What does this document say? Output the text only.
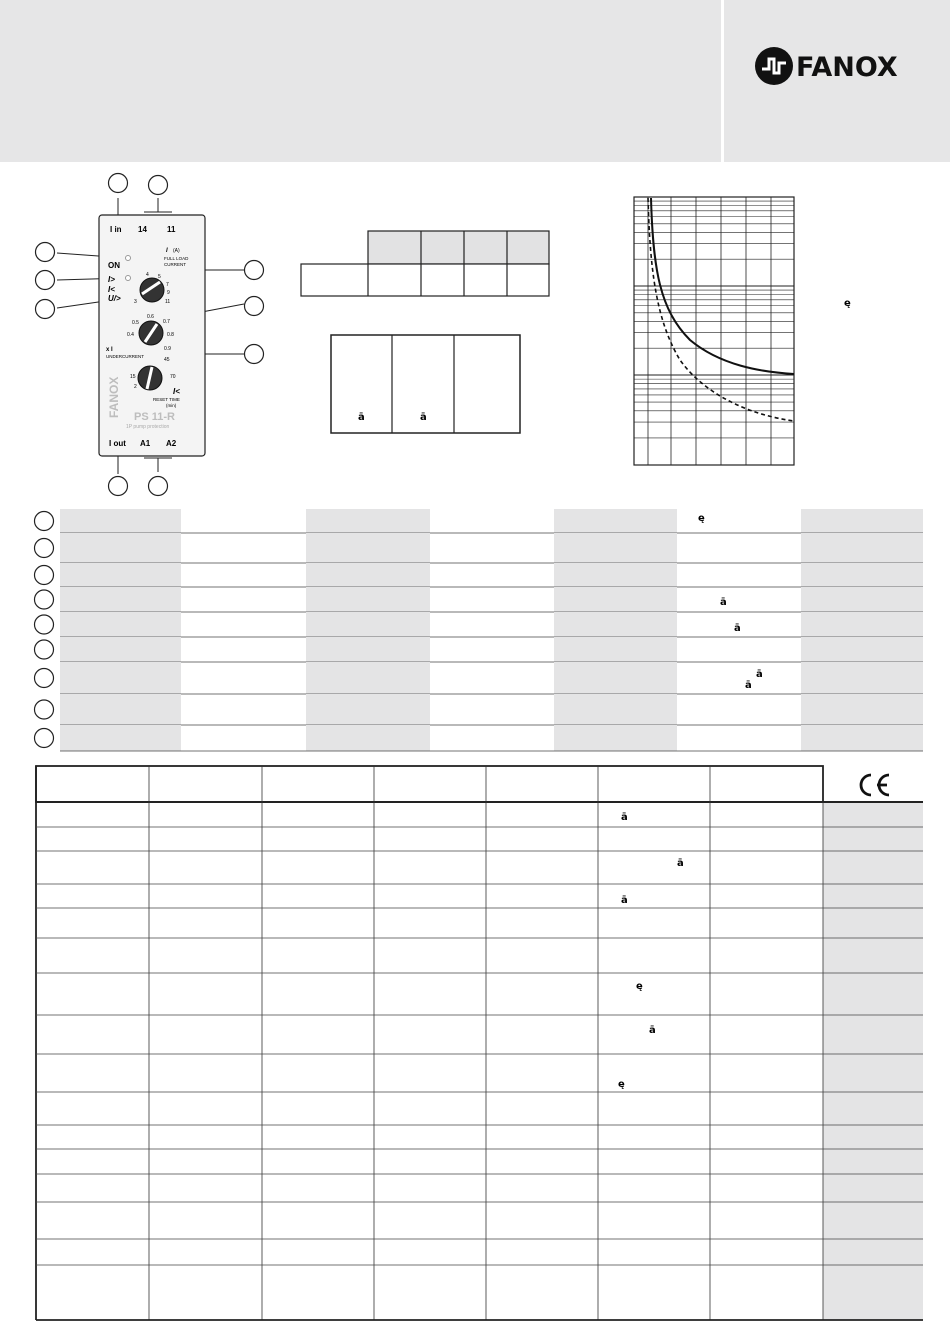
FANOX
I in 14	11
ON
I>
I<
U/>
I (A)
FULL LOAD
CURRENT
4 5
7
9
11
3
0.5
0.6
0.7
0.4	0.8
0.9
x I
UNDERCURRENT
45
15	70
2	I<
RESET TIME
(min)
FANOX PS 11-R
1P pump protection
I out A1 A2
ā	ā
ę
ę
ā
ā
ā
ā
ā
ā
ā
ę
ā
ę
